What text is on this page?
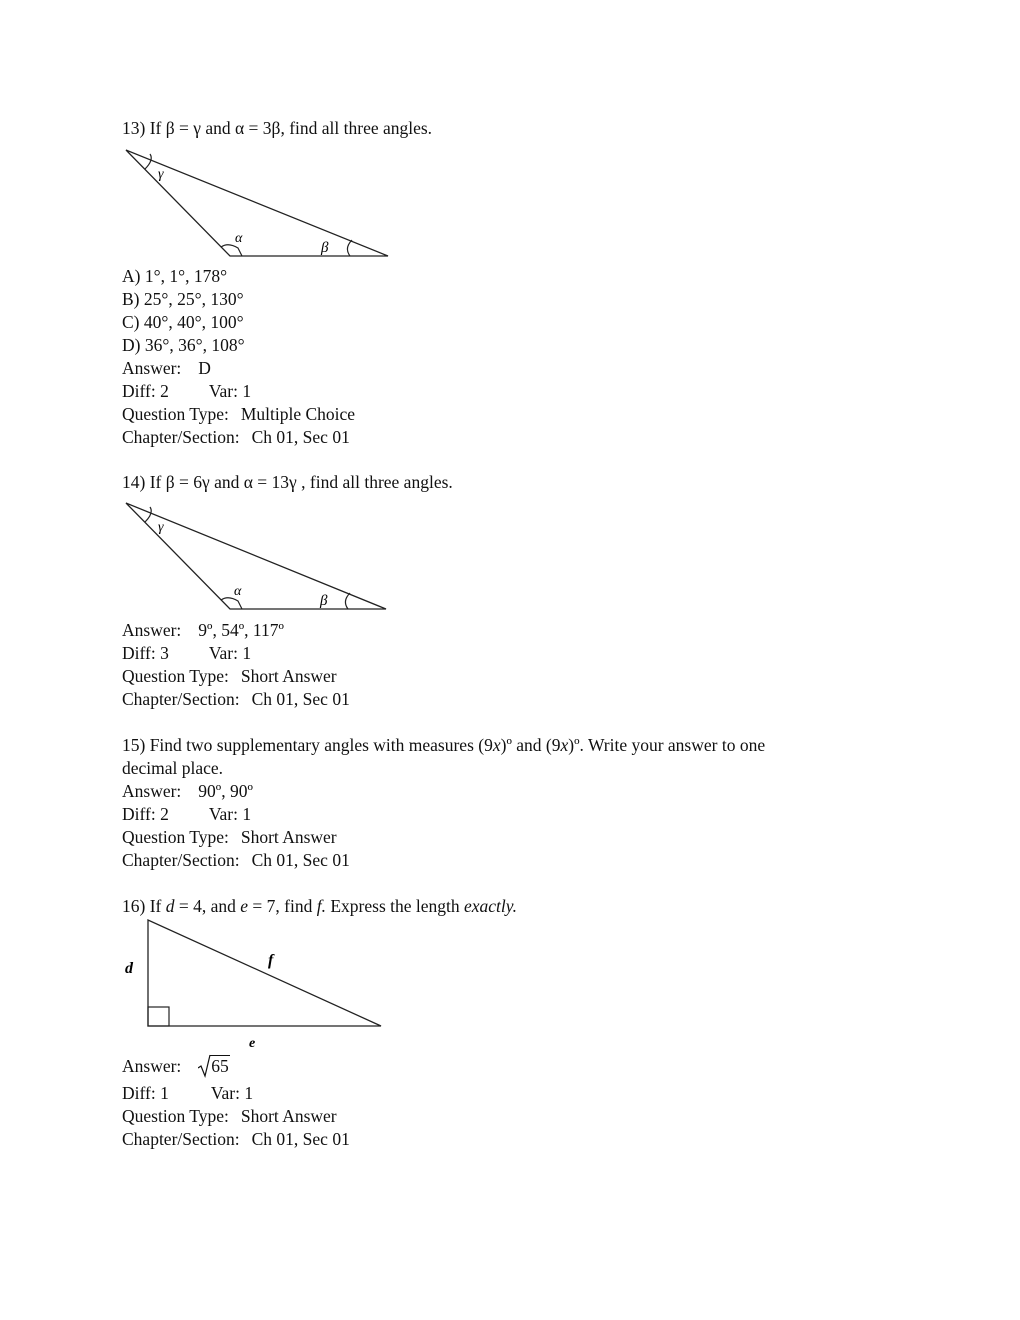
13) If β = γ and α = 3β, find all three angles.
γ
α
β
A) 1°, 1°, 178°
B) 25°, 25°, 130°
C) 40°, 40°, 100°
D) 36°, 36°, 108°
Answer: D
Diff: 2 Var: 1
Question Type: Multiple Choice
Chapter/Section: Ch 01, Sec 01
14) If β = 6γ and α = 13γ , find all three angles.
γ
α
β
Answer: 9º, 54º, 117º
Diff: 3 Var: 1
Question Type: Short Answer
Chapter/Section: Ch 01, Sec 01
15) Find two supplementary angles with measures (9x)º and (9x)º. Write your answer to one
decimal place.
Answer: 90º, 90º
Diff: 2 Var: 1
Question Type: Short Answer
Chapter/Section: Ch 01, Sec 01
16) If d = 4, and e = 7, find f. Express the length exactly.
d	f
e
Answer: 65
Diff: 1 Var: 1
Question Type: Short Answer
Chapter/Section: Ch 01, Sec 01
